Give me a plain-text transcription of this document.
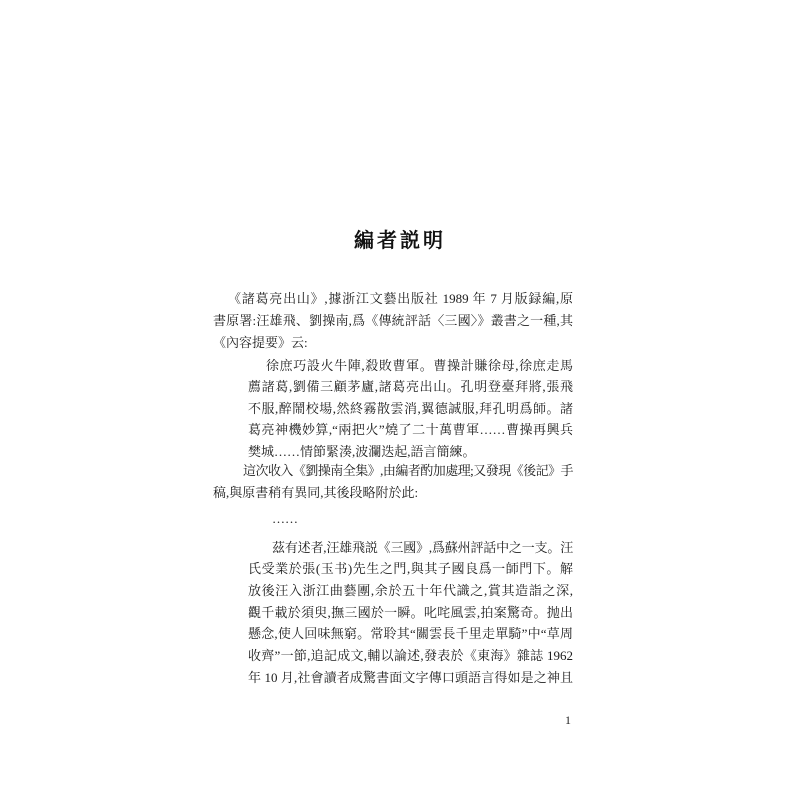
編者説明
《諸葛亮出山》,據浙江文藝出版社 1989 年 7 月版録編,原
書原署:汪雄飛、劉操南,爲《傳統評話〈三國〉》叢書之一種,其
《內容提要》云:
徐庶巧設火牛陣,殺敗曹軍。曹操計賺徐母,徐庶走馬
薦諸葛,劉備三顧茅廬,諸葛亮出山。孔明登臺拜將,張飛
不服,醉鬧校場,然終霧散雲消,翼德誠服,拜孔明爲師。諸
葛亮神機妙算,“兩把火”燒了二十萬曹軍……曹操再興兵
樊城……情節緊湊,波瀾迭起,語言簡練。
這次收入《劉操南全集》,由編者酌加處理;又發現《後記》手
稿,與原書稍有異同,其後段略附於此:
……
茲有述者,汪雄飛説《三國》,爲蘇州評話中之一支。汪
氏受業於張(玉书)先生之門,與其子國良爲一師門下。解
放後汪入浙江曲藝團,余於五十年代識之,賞其造詣之深,
觀千載於須臾,撫三國於一瞬。叱咤風雲,拍案驚奇。抛出
懸念,使人回味無窮。常聆其“關雲長千里走單騎”中“草周
收齊”一節,追記成文,輔以論述,發表於《東海》雜誌 1962
年 10 月,社會讀者成驚書面文字傳口頭語言得如是之神且
1
